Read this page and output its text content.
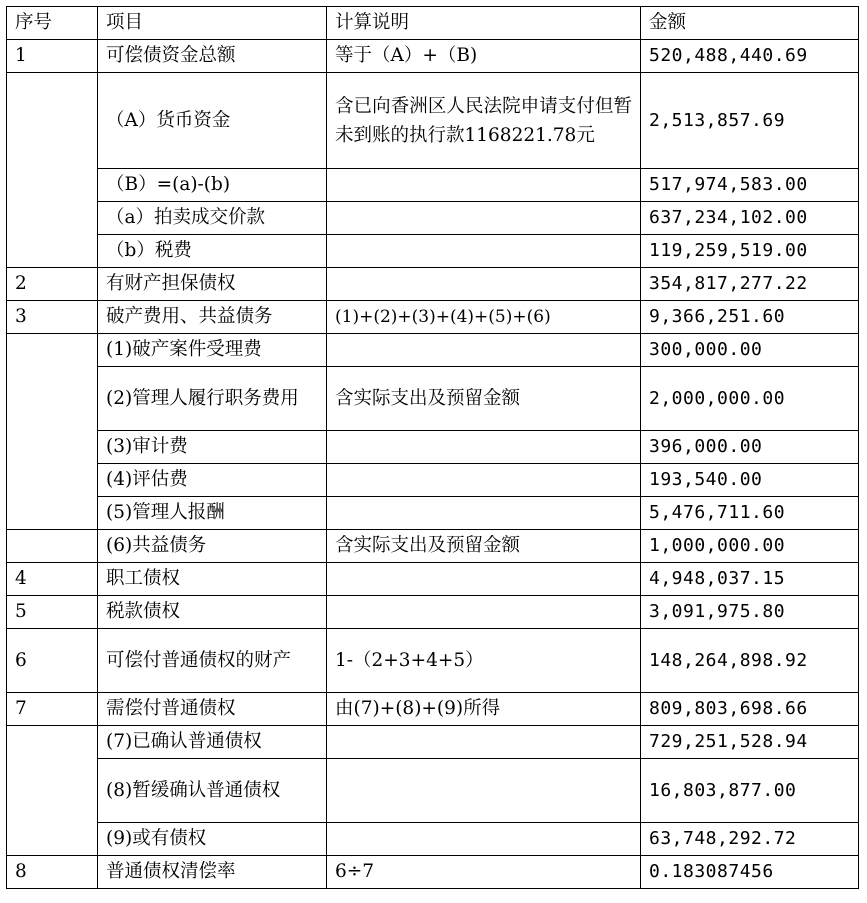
序号	项目	计算说明	金额
1	可偿债资金总额	等于（A）+（B)	520,488,440.69
	（A）货币资金	含已向香洲区人民法院申请支付但暂未到账的执行款1168221.78元	2,513,857.69
	（B）=(a)-(b)		517,974,583.00
	（a）拍卖成交价款		637,234,102.00
	（b）税费		119,259,519.00
2	有财产担保债权		354,817,277.22
3	破产费用、共益债务	(1)+(2)+(3)+(4)+(5)+(6)	9,366,251.60
	(1)破产案件受理费		300,000.00
	(2)管理人履行职务费用	含实际支出及预留金额	2,000,000.00
	(3)审计费		396,000.00
	(4)评估费		193,540.00
	(5)管理人报酬		5,476,711.60
	(6)共益债务	含实际支出及预留金额	1,000,000.00
4	职工债权		4,948,037.15
5	税款债权		3,091,975.80
6	可偿付普通债权的财产	1-（2+3+4+5）	148,264,898.92
7	需偿付普通债权	由(7)+(8)+(9)所得	809,803,698.66
	(7)已确认普通债权		729,251,528.94
	(8)暂缓确认普通债权		16,803,877.00
	(9)或有债权		63,748,292.72
8	普通债权清偿率	6÷7	0.183087456
